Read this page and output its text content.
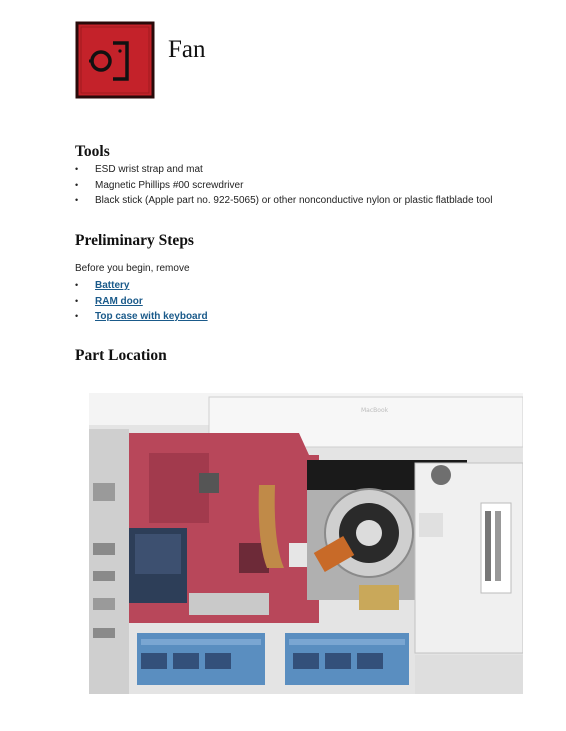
Fan
Tools
• ESD wrist strap and mat
• Magnetic Phillips #00 screwdriver
• Black stick (Apple part no. 922-5065) or other nonconductive nylon or plastic flatblade tool
Preliminary Steps

Before you begin, remove

• Battery
• RAM door
• Top case with keyboard
Part Location
MacBook
